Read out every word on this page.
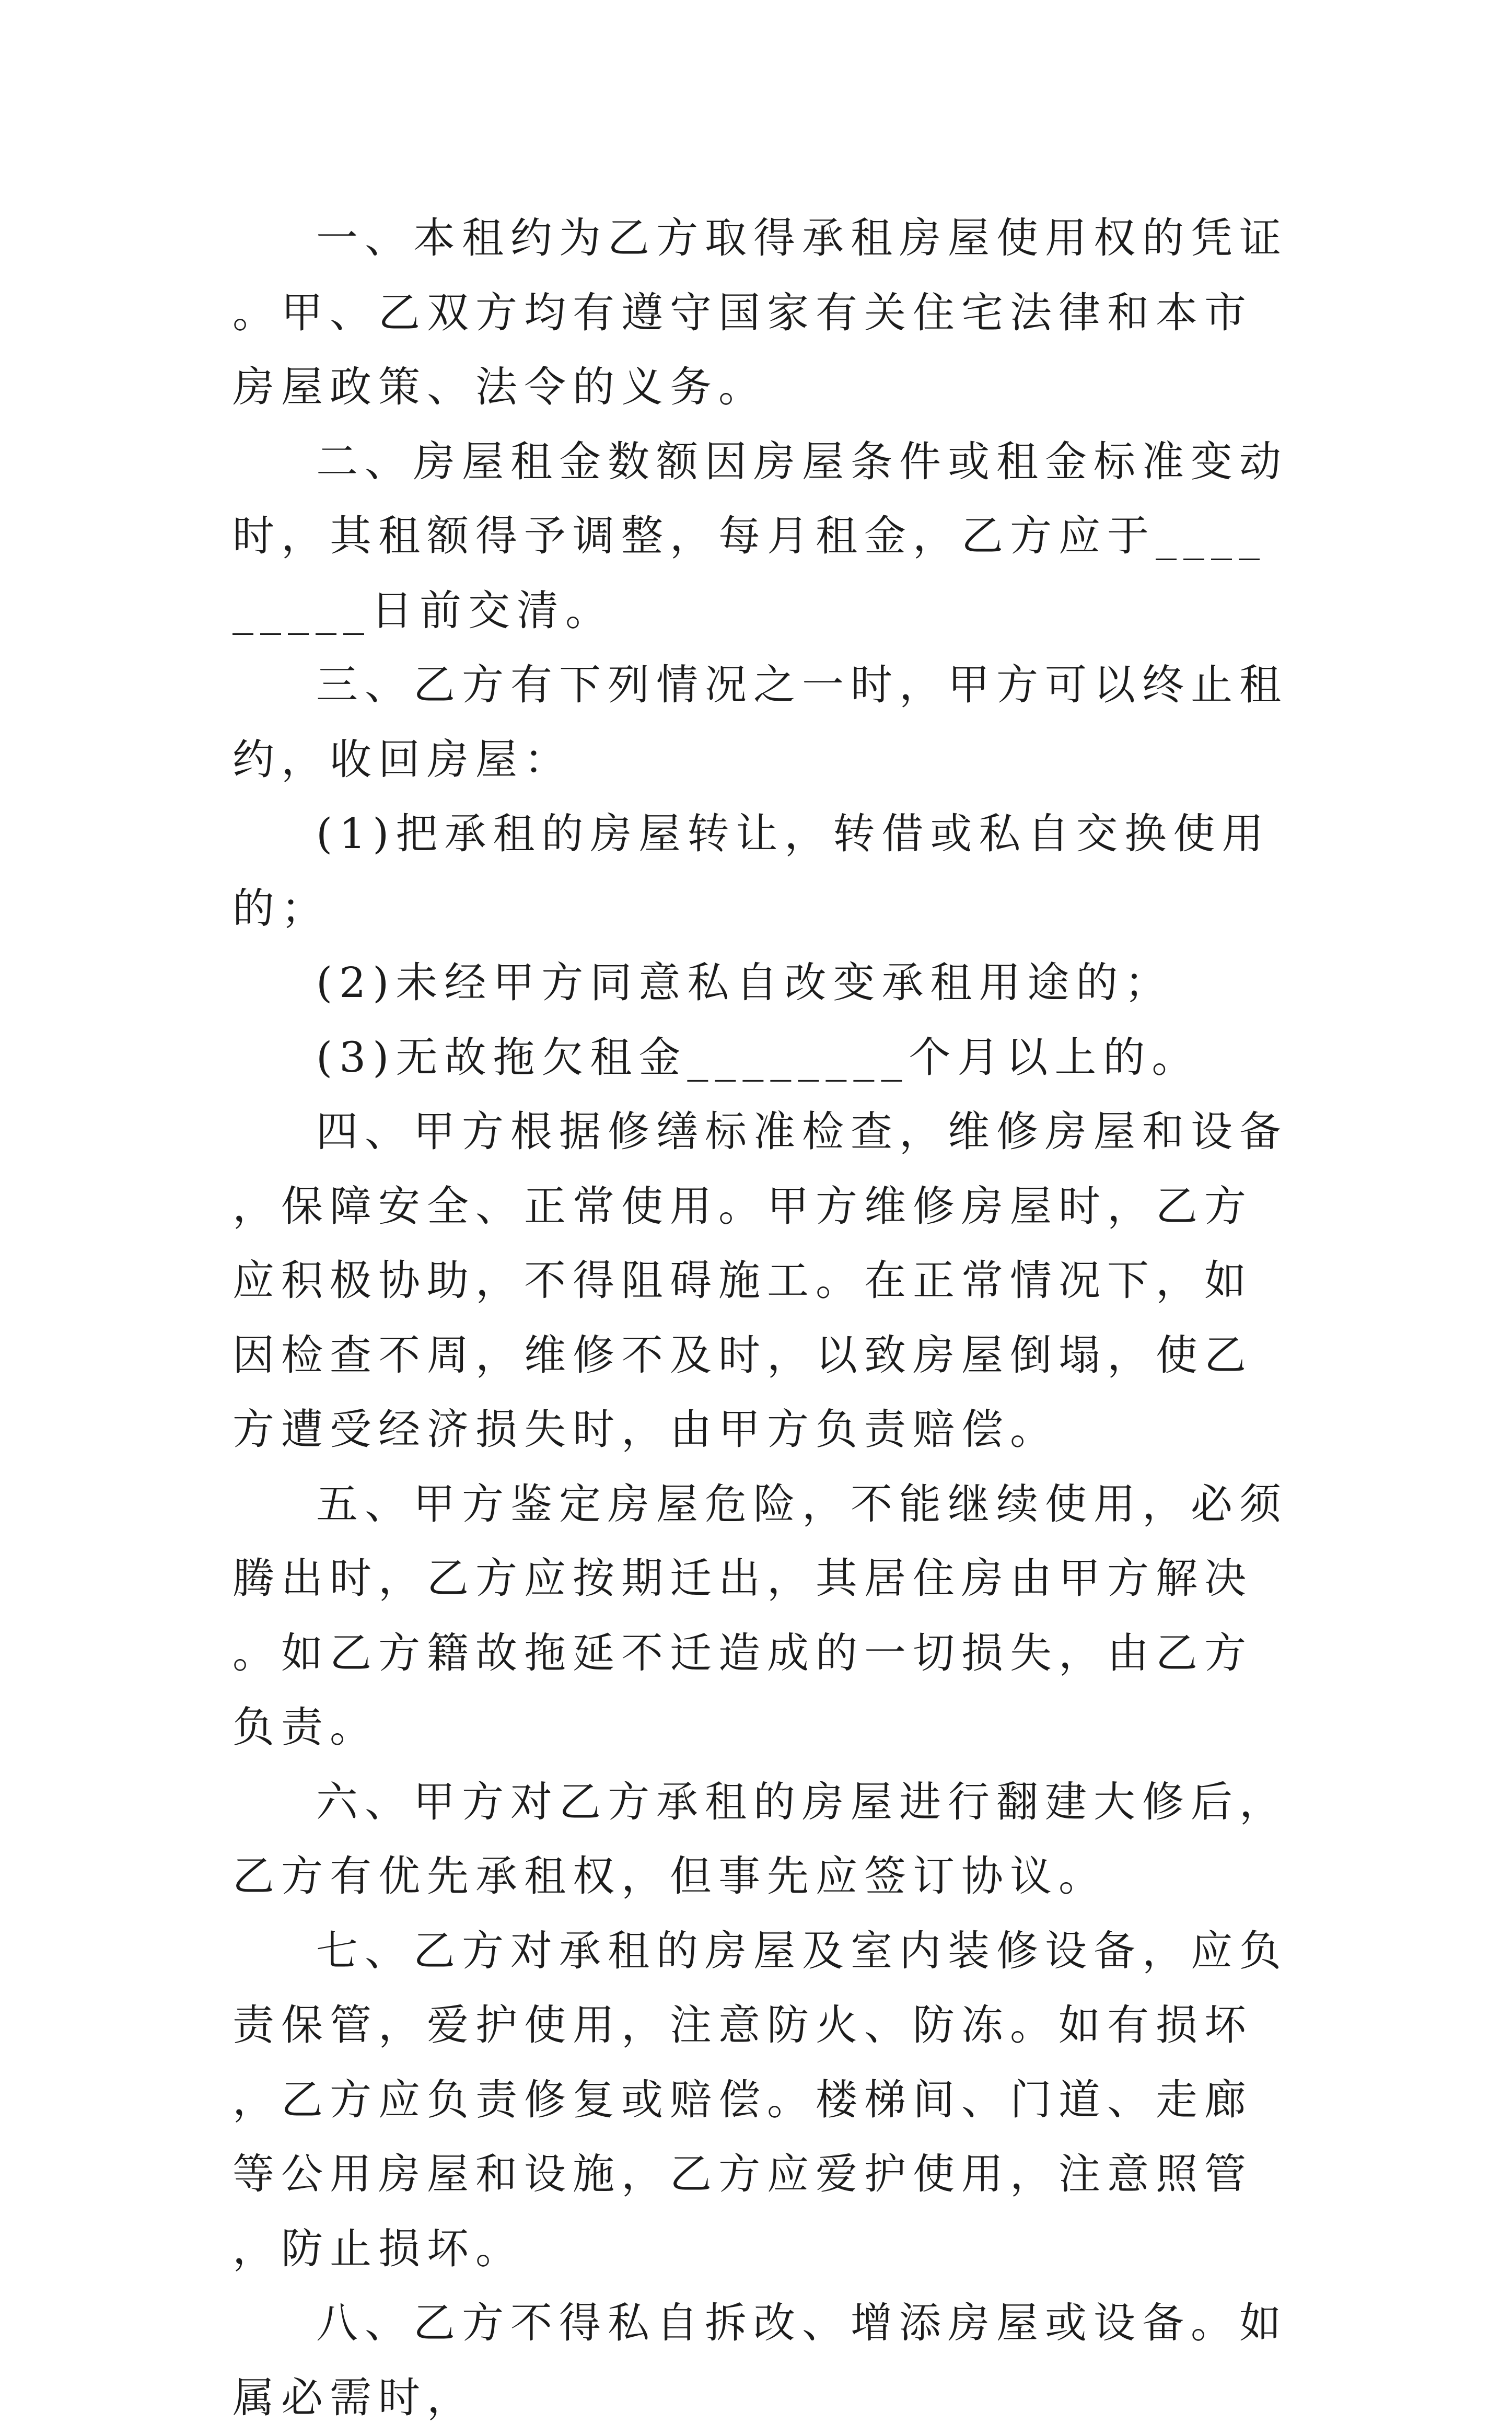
一、本租约为乙方取得承租房屋使用权的凭证。甲、乙双方均有遵守国家有关住宅法律和本市房屋政策、法令的义务。

二、房屋租金数额因房屋条件或租金标准变动时，其租额得予调整，每月租金，乙方应于_________日前交清。

三、乙方有下列情况之一时，甲方可以终止租约，收回房屋：

(1)把承租的房屋转让，转借或私自交换使用的；

(2)未经甲方同意私自改变承租用途的；

(3)无故拖欠租金________个月以上的。

四、甲方根据修缮标准检查，维修房屋和设备，保障安全、正常使用。甲方维修房屋时，乙方应积极协助，不得阻碍施工。在正常情况下，如因检查不周，维修不及时，以致房屋倒塌，使乙方遭受经济损失时，由甲方负责赔偿。

五、甲方鉴定房屋危险，不能继续使用，必须腾出时，乙方应按期迁出，其居住房由甲方解决。如乙方籍故拖延不迁造成的一切损失，由乙方负责。

六、甲方对乙方承租的房屋进行翻建大修后，乙方有优先承租权，但事先应签订协议。

七、乙方对承租的房屋及室内装修设备，应负责保管，爱护使用，注意防火、防冻。如有损坏，乙方应负责修复或赔偿。楼梯间、门道、走廊等公用房屋和设施，乙方应爱护使用，注意照管，防止损坏。

八、乙方不得私自拆改、增添房屋或设备。如属必需时，
